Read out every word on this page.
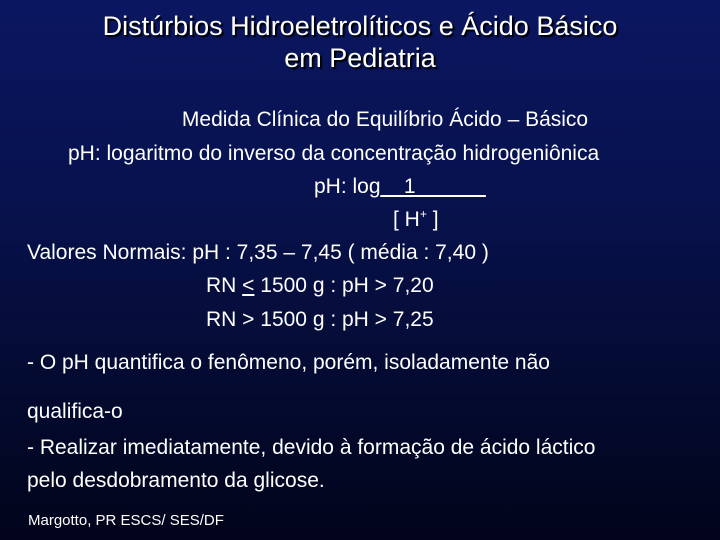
Distúrbios Hidroeletrolíticos e Ácido Básico
em Pediatria
Medida Clínica do Equilíbrio Ácido – Básico
pH: logaritmo do inverso da concentração hidrogeniônica
pH: log__1______
[ H+ ]
Valores Normais: pH : 7,35 – 7,45 ( média : 7,40 )
RN < 1500 g : pH > 7,20
RN > 1500 g : pH > 7,25
- O pH quantifica o fenômeno, porém, isoladamente não
qualifica-o
- Realizar imediatamente, devido à formação de ácido láctico
pelo desdobramento da glicose.
Margotto, PR ESCS/ SES/DF
